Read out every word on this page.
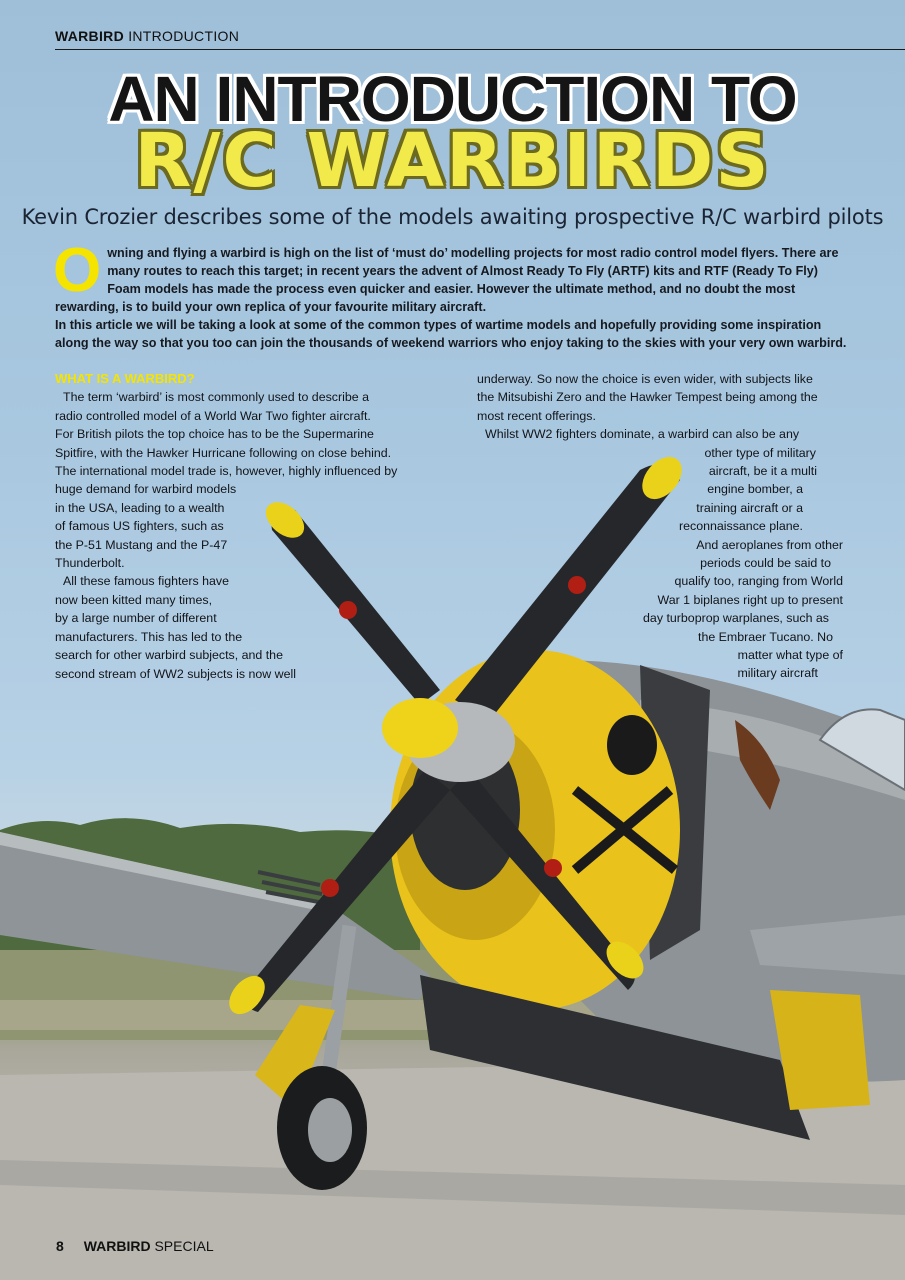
WARBIRD INTRODUCTION
AN INTRODUCTION TO
R/C WARBIRDS
Kevin Crozier describes some of the models awaiting prospective R/C warbird pilots
O wning and flying a warbird is high on the list of ‘must do’ modelling projects for most radio control model flyers. There are many routes to reach this target; in recent years the advent of Almost Ready To Fly (ARTF) kits and RTF (Ready To Fly) Foam models has made the process even quicker and easier. However the ultimate method, and no doubt the most rewarding, is to build your own replica of your favourite military aircraft.

In this article we will be taking a look at some of the common types of wartime models and hopefully providing some inspiration along the way so that you too can join the thousands of weekend warriors who enjoy taking to the skies with your very own warbird.

WHAT IS A WARBIRD?
The term ‘warbird’ is most commonly used to describe a
radio controlled model of a World War Two fighter aircraft.
For British pilots the top choice has to be the Supermarine
Spitfire, with the Hawker Hurricane following on close behind.
The international model trade is, however, highly influenced by
huge demand for warbird models
in the USA, leading to a wealth
of famous US fighters, such as
the P-51 Mustang and the P-47
Thunderbolt.
All these famous fighters have
now been kitted many times,
by a large number of different
manufacturers. This has led to the
search for other warbird subjects, and the
second stream of WW2 subjects is now well
underway. So now the choice is even wider, with subjects like
the Mitsubishi Zero and the Hawker Tempest being among the
most recent offerings.
Whilst WW2 fighters dominate, a warbird can also be any
other type of military
aircraft, be it a multi
engine bomber, a
training aircraft or a
reconnaissance plane.
And aeroplanes from other
periods could be said to
qualify too, ranging from World
War 1 biplanes right up to present
day turboprop warplanes, such as
the Embraer Tucano. No
matter what type of
military aircraft
8 WARBIRD SPECIAL
